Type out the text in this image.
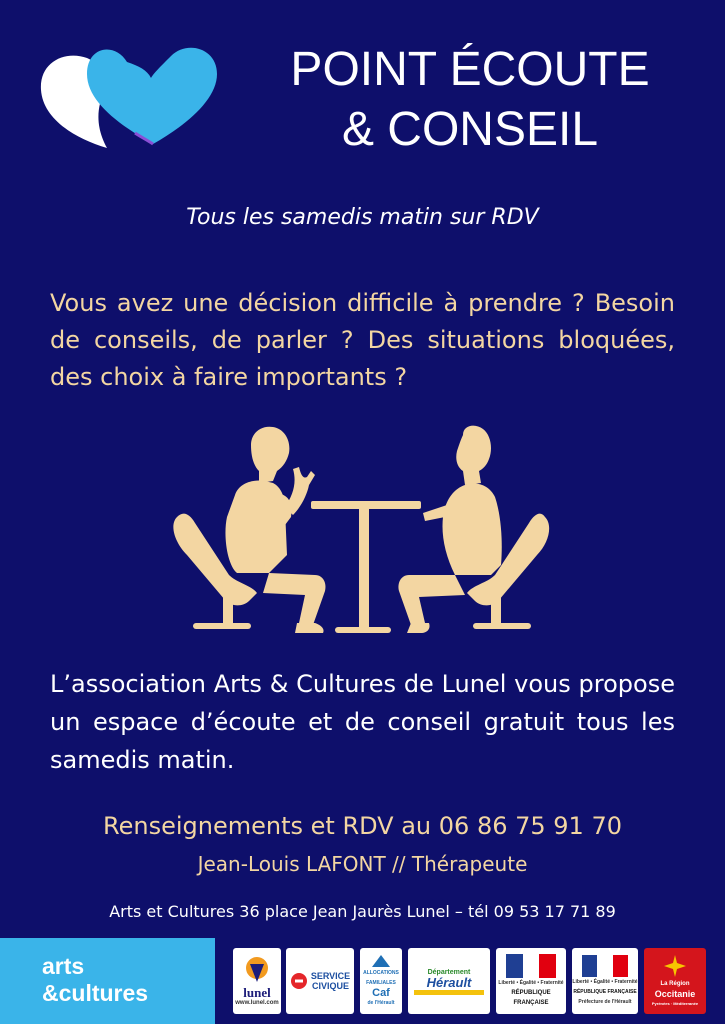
POINT ÉCOUTE
& CONSEIL
Tous les samedis matin sur RDV
Vous avez une décision difficile à prendre ? Besoin de conseils, de parler ? Des situations bloquées, des choix à faire importants ?
L’association Arts & Cultures de Lunel vous propose un espace d’écoute et de conseil gratuit tous les samedis matin.
Renseignements et RDV au 06 86 75 91 70
Jean-Louis LAFONT // Thérapeute
Arts et Cultures 36 place Jean Jaurès Lunel – tél 09 53 17 71 89
arts
&cultures	lunel
www.lunel.com
SERVICE
CIVIQUE
ALLOCATIONS FAMILIALES
Caf
de l'Hérault
Département
Hérault	Liberté • Égalité • Fraternité
RÉPUBLIQUE FRANÇAISE
Liberté • Égalité • Fraternité
RÉPUBLIQUE FRANÇAISE
Préfecture de l'Hérault
La Région
Occitanie
Pyrénées · Méditerranée
